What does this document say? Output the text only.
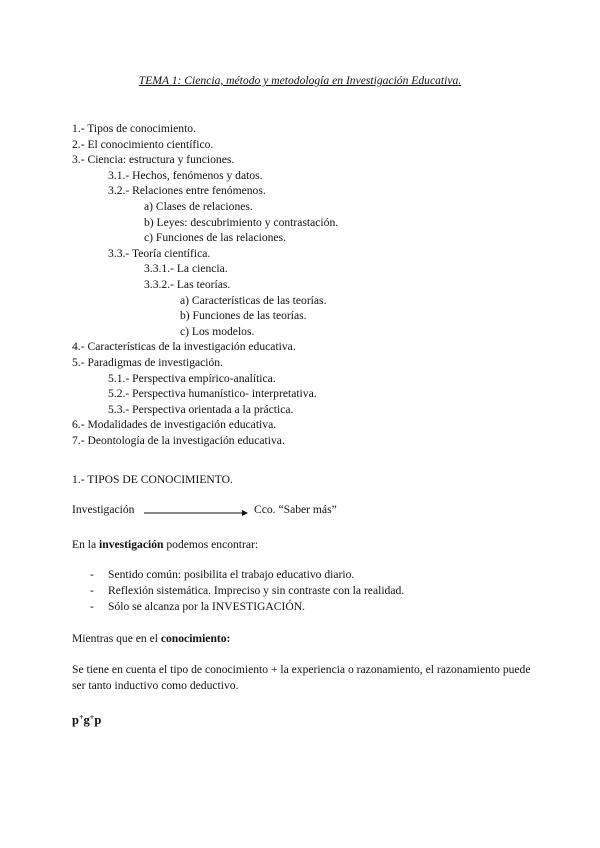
TEMA 1: Ciencia, método y metodología en Investigación Educativa.
1.- Tipos de conocimiento.
2.- El conocimiento científico.
3.- Ciencia: estructura y funciones.
3.1.- Hechos, fenómenos y datos.
3.2.- Relaciones entre fenómenos.
a) Clases de relaciones.
b) Leyes: descubrimiento y contrastación.
c) Funciones de las relaciones.
3.3.- Teoría científica.
3.3.1.- La ciencia.
3.3.2.- Las teorías.
a) Características de las teorías.
b) Funciones de las teorías.
c) Los modelos.
4.- Características de la investigación educativa.
5.- Paradigmas de investigación.
5.1.- Perspectiva empírico-analítica.
5.2.- Perspectiva humanístico- interpretativa.
5.3.- Perspectiva orientada a la práctica.
6.- Modalidades de investigación educativa.
7.- Deontología de la investigación educativa.
1.- TIPOS DE CONOCIMIENTO.
Investigación	Cco. “Saber más”
En la investigación podemos encontrar:
- Sentido común: posibilita el trabajo educativo diario.
- Reflexión sistemática. Impreciso y sin contraste con la realidad.
- Sólo se alcanza por la INVESTIGACIÓN.
Mientras que en el conocimiento:
Se tiene en cuenta el tipo de conocimiento + la experiencia o razonamiento, el razonamiento puede ser tanto inductivo como deductivo.
p+g+p
